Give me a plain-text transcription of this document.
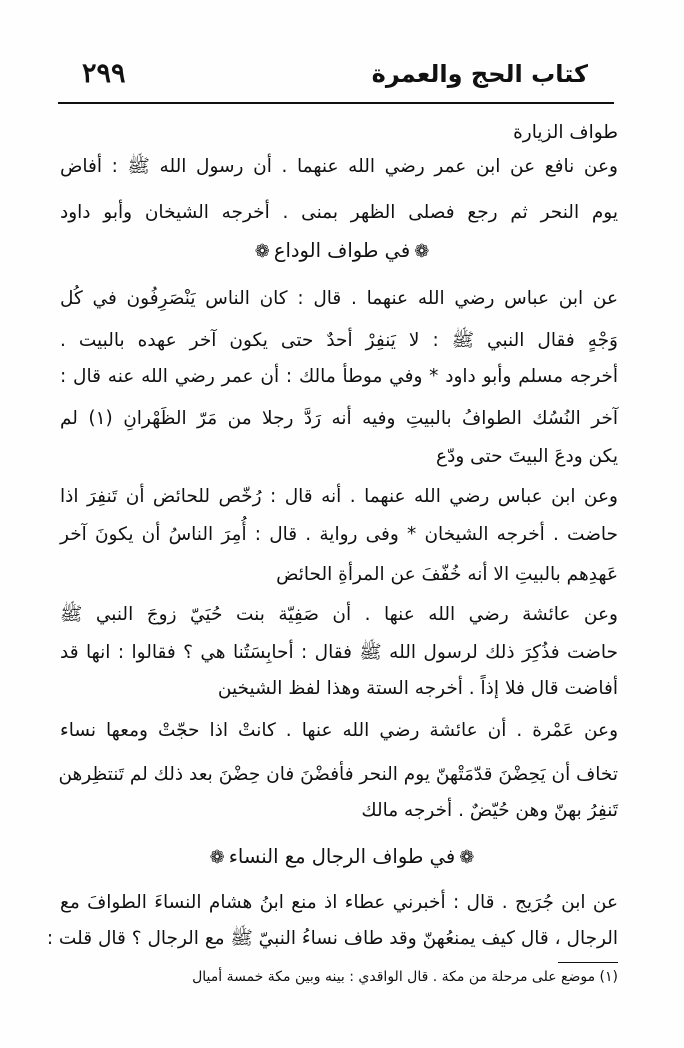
٢٩٩	كتاب الحج والعمرة
طواف الزيارة
وعن نافع عن ابن عمر رضي الله عنهما . أن رسول الله ﷺ : أفاض
يوم النحر ثم رجع فصلى الظهر بمنى . أخرجه الشيخان وأبو داود
❁في طواف الوداع❁
عن ابن عباس رضي الله عنهما . قال : كان الناس يَنْصَرِفُون في كُل
وَجْهٍ فقال النبي ﷺ : لا يَنفِرْ أحدٌ حتى يكون آخر عهده بالبيت .
أخرجه مسلم وأبو داود * وفي موطأ مالك : أن عمر رضي الله عنه قال :
آخر النُسُك الطوافُ بالبيتِ وفيه أنه رَدَّ رجلا من مَرّ الظَهْرانِ (١) لم
يكن ودعَ البيتَ حتى ودّع
وعن ابن عباس رضي الله عنهما . أنه قال : رُخّص للحائض أن تَنفِرَ اذا
حاضت . أخرجه الشيخان * وفى رواية . قال : أُمِرَ الناسُ أن يكونَ آخر
عَهدِهم بالبيتِ الا أنه خُفّفَ عن المرأةِ الحائض
وعن عائشة رضي الله عنها . أن صَفِيّة بنت حُيَيّ زوجَ النبي ﷺ
حاضت فذُكِرَ ذلك لرسول الله ﷺ فقال : أحابِسَتُنا هي ؟ فقالوا : انها قد
أفاضت قال فلا إذاً . أخرجه الستة وهذا لفظ الشيخين
وعن عَمْرة . أن عائشة رضي الله عنها . كانتْ اذا حجّتْ ومعها نساء
تخاف أن يَحِضْنَ قدّمَتْهنّ يوم النحر فأفضْنَ فان حِضْنَ بعد ذلك لم تَنتظِرهن
تَنفِرُ بهنّ وهن حُيّضٌ . أخرجه مالك
❁في طواف الرجال مع النساء❁
عن ابن جُرَيج . قال : أخبرني عطاء اذ منع ابنُ هشام النساءَ الطوافَ مع
الرجال ، قال كيف يمنعُهنّ وقد طاف نساءُ النبيّ ﷺ مع الرجال ؟ قال قلت :
(١) موضع على مرحلة من مكة . قال الواقدي : بينه وبين مكة خمسة أميال
